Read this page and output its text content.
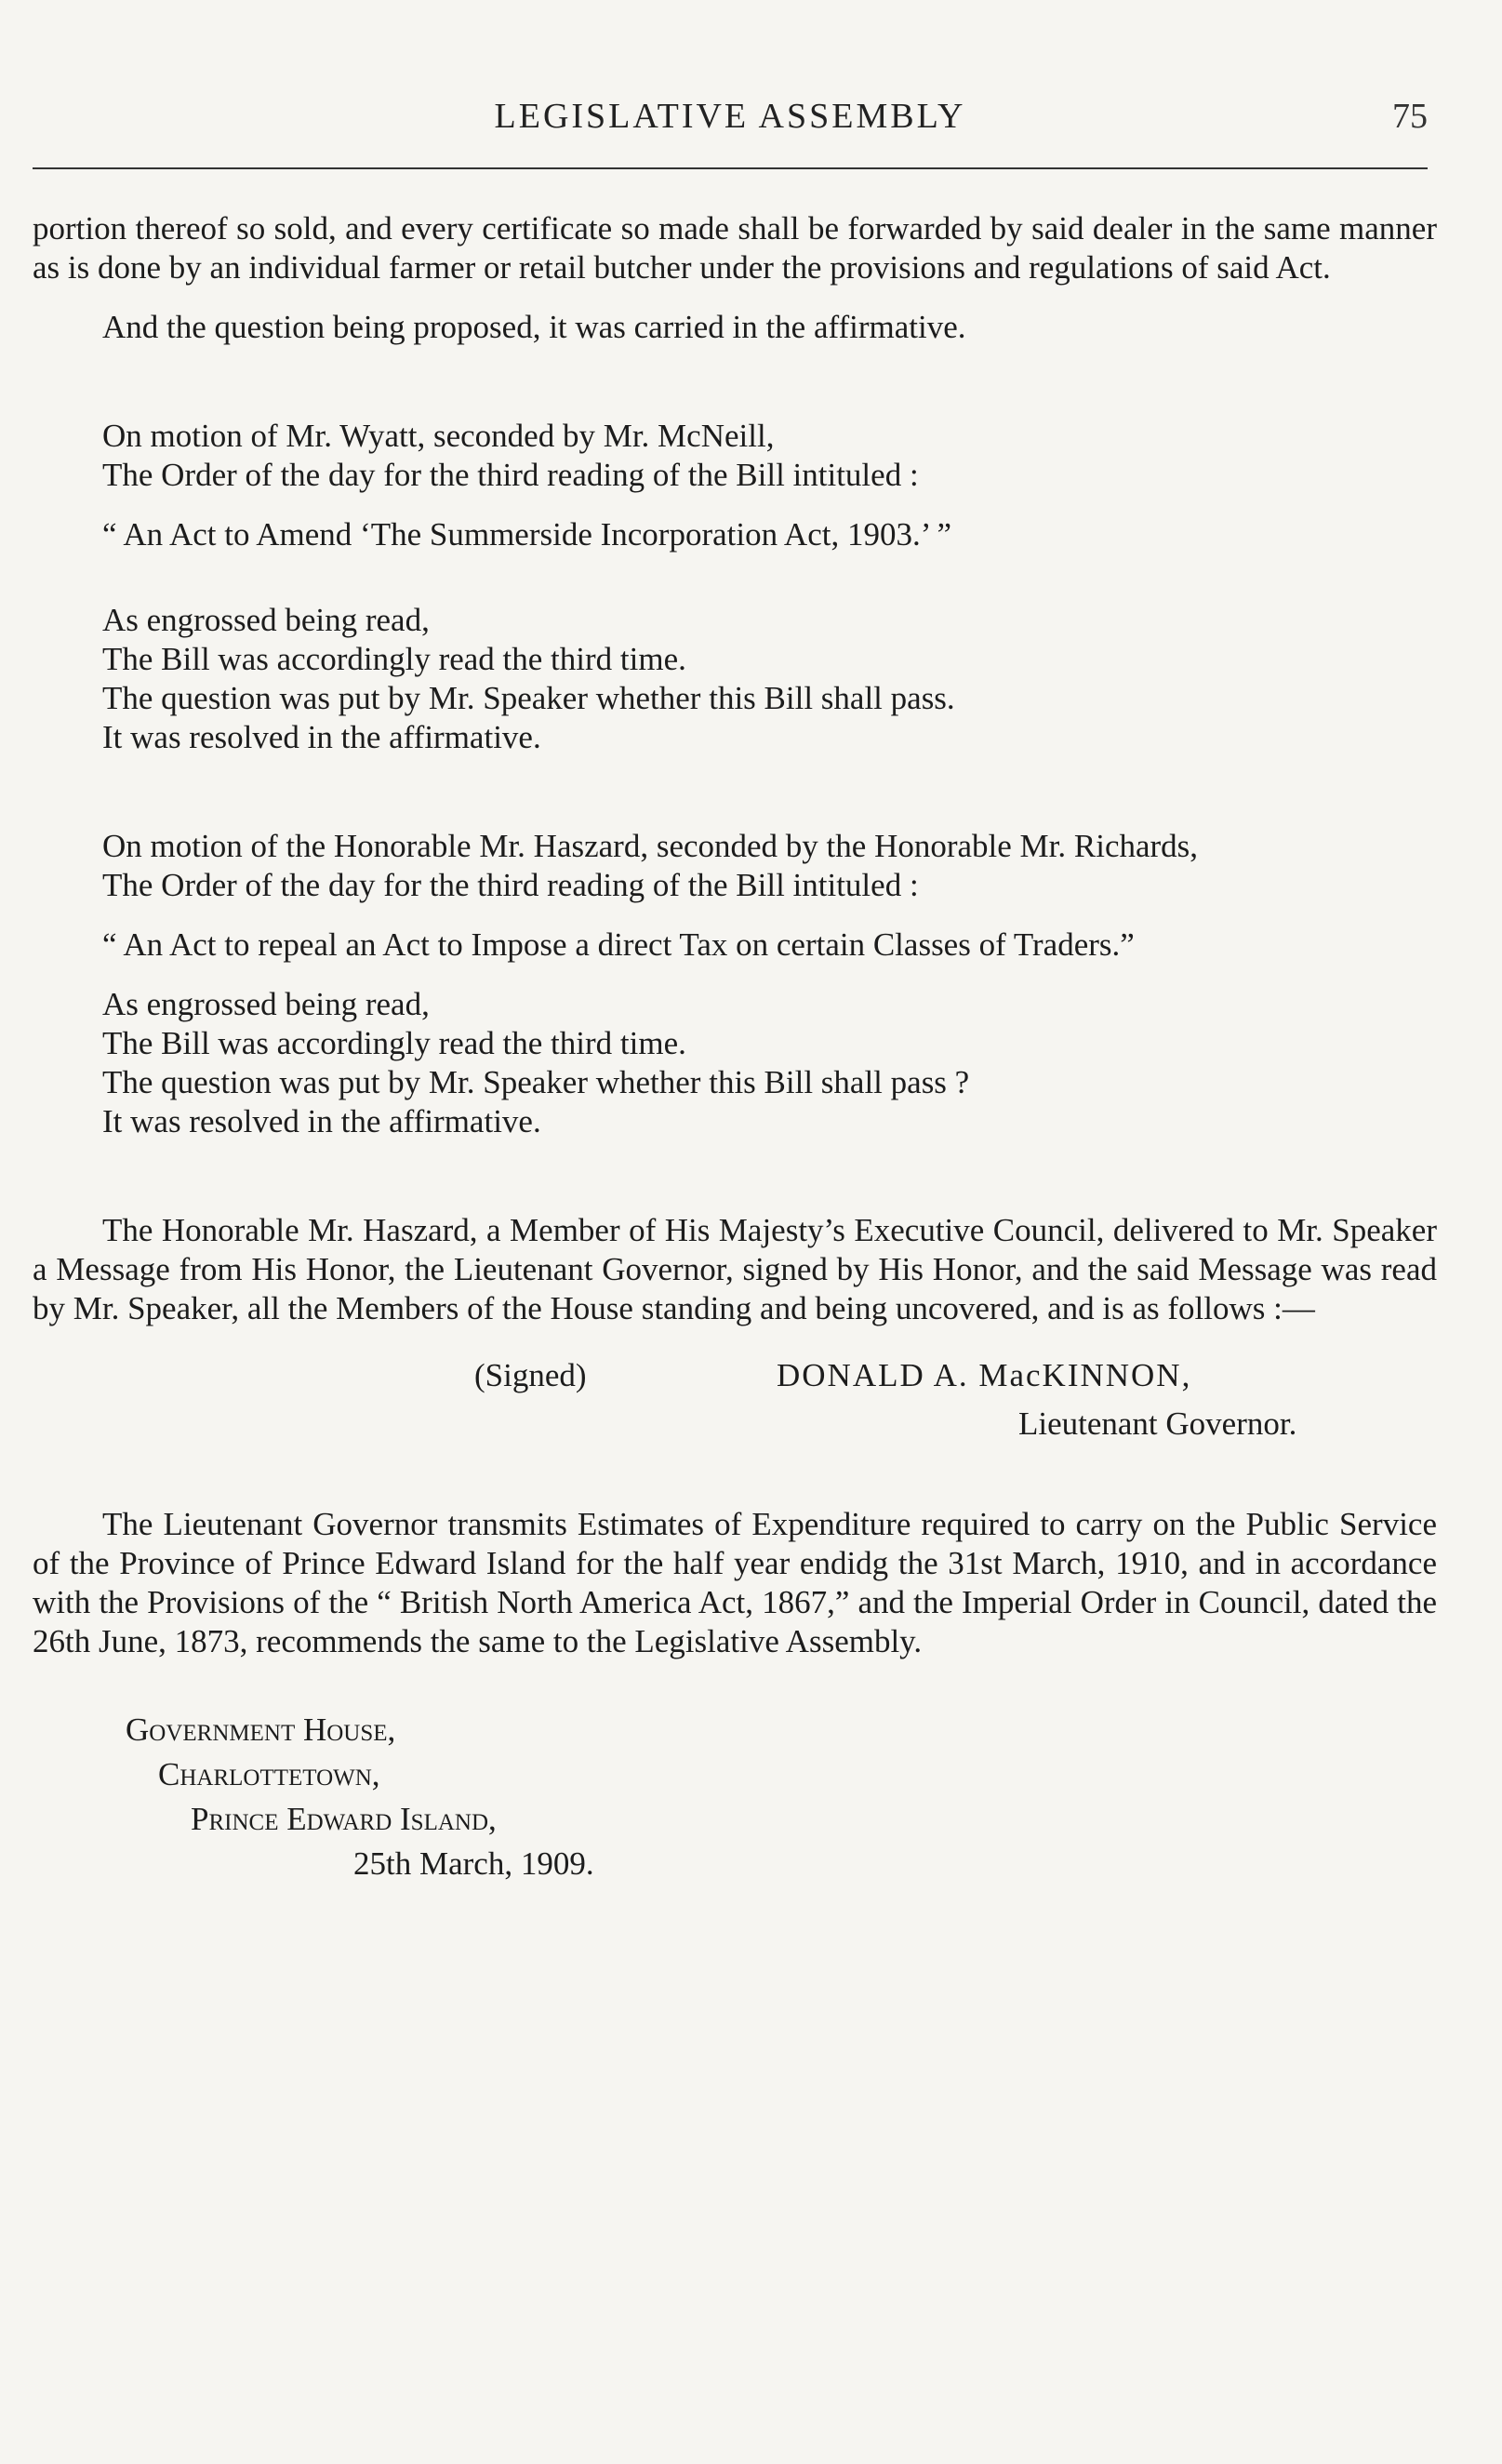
LEGISLATIVE ASSEMBLY	75

portion thereof so sold, and every certificate so made shall be forwarded by said dealer in the same manner as is done by an individual farmer or retail butcher under the provisions and regulations of said Act.

And the question being proposed, it was carried in the affirmative.

On motion of Mr. Wyatt, seconded by Mr. McNeill,

The Order of the day for the third reading of the Bill intituled :

“ An Act to Amend ‘The Summerside Incorporation Act, 1903.’ ”

As engrossed being read,

The Bill was accordingly read the third time.

The question was put by Mr. Speaker whether this Bill shall pass.

It was resolved in the affirmative.

On motion of the Honorable Mr. Haszard, seconded by the Honorable Mr. Richards,

The Order of the day for the third reading of the Bill intituled :

“ An Act to repeal an Act to Impose a direct Tax on certain Classes of Traders.”

As engrossed being read,

The Bill was accordingly read the third time.

The question was put by Mr. Speaker whether this Bill shall pass ?

It was resolved in the affirmative.

The Honorable Mr. Haszard, a Member of His Majesty’s Executive Council, delivered to Mr. Speaker a Message from His Honor, the Lieutenant Governor, signed by His Honor, and the said Message was read by Mr. Speaker, all the Members of the House standing and being uncovered, and is as follows :—

(Signed)	DONALD A. MacKINNON,
Lieutenant Governor.

The Lieutenant Governor transmits Estimates of Expenditure required to carry on the Public Service of the Province of Prince Edward Island for the half year endidg the 31st March, 1910, and in accordance with the Provisions of the “ British North America Act, 1867,” and the Imperial Order in Council, dated the 26th June, 1873, recommends the same to the Legislative Assembly.

Government House,

Charlottetown,

Prince Edward Island,

25th March, 1909.
